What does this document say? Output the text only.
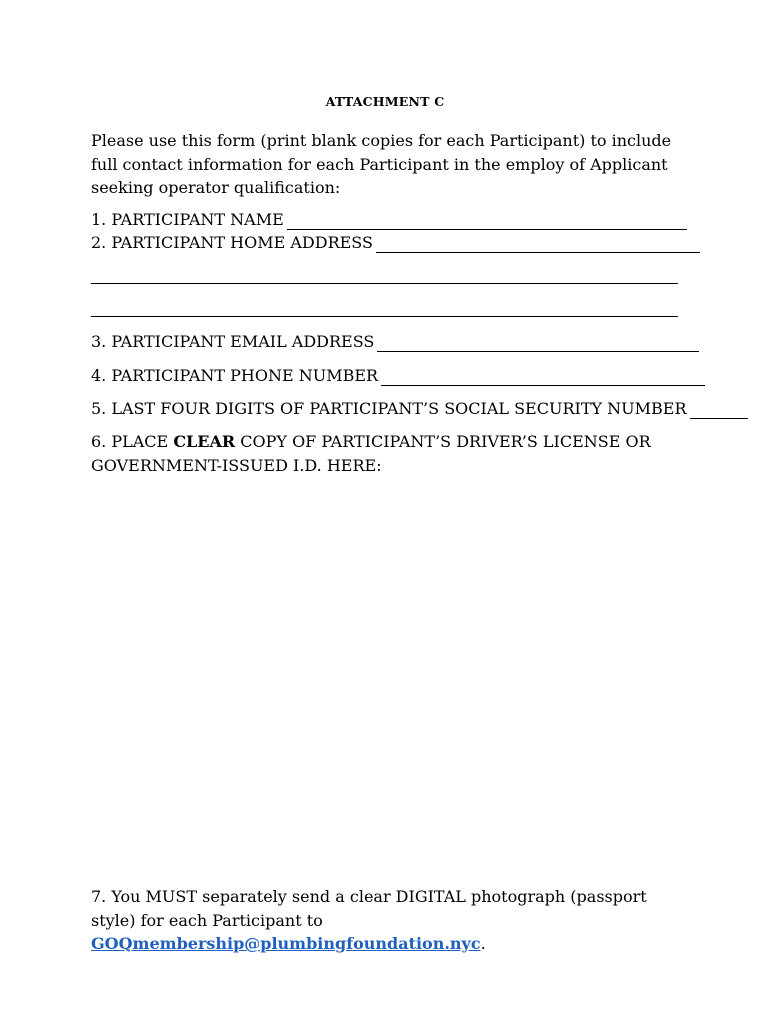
ATTACHMENT C
Please use this form (print blank copies for each Participant) to include full contact information for each Participant in the employ of Applicant seeking operator qualification:
1. PARTICIPANT NAME
2. PARTICIPANT HOME ADDRESS
3. PARTICIPANT EMAIL ADDRESS
4. PARTICIPANT PHONE NUMBER
5. LAST FOUR DIGITS OF PARTICIPANT’S SOCIAL SECURITY NUMBER
6. PLACE CLEAR COPY OF PARTICIPANT’S DRIVER’S LICENSE OR GOVERNMENT-ISSUED I.D. HERE:
7. You MUST separately send a clear DIGITAL photograph (passport style) for each Participant to GOQmembership@plumbingfoundation.nyc.
